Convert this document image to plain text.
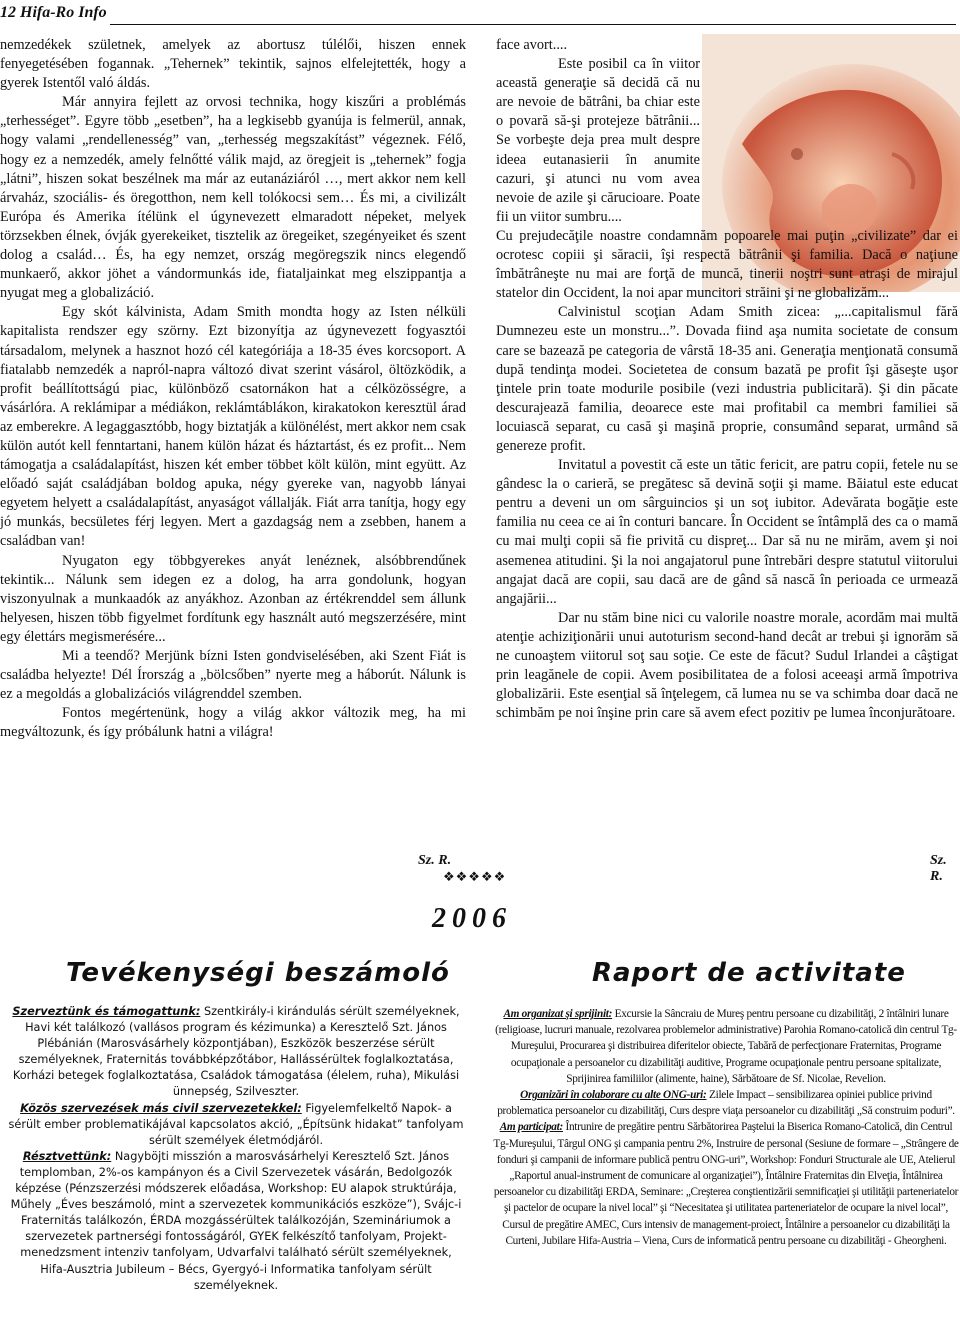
12 Hifa-Ro Info

nemzedékek születnek, amelyek az abortusz túlélői, hiszen ennek fenyegetésében fogannak. „Tehernek” tekintik, sajnos elfelejtették, hogy a gyerek Istentől való áldás.

Már annyira fejlett az orvosi technika, hogy kiszűri a problémás „terhességet”. Egyre több „esetben”, ha a legkisebb gyanúja is felmerül, annak, hogy valami „rendellenesség” van, „terhesség megszakítást” végeznek. Félő, hogy ez a nemzedék, amely felnőtté válik majd, az öregjeit is „tehernek” fogja „látni”, hiszen sokat beszélnek ma már az eutanáziáról …, mert akkor nem kell árvaház, szociális- és öregotthon, nem kell tolókocsi sem… És mi, a civilizált Európa és Amerika ítélünk el úgynevezett elmaradott népeket, melyek törzsekben élnek, óvják gyerekeiket, tisztelik az öregeiket, szegényeiket és szent dolog a család… És, ha egy nemzet, ország megöregszik nincs elegendő munkaerő, akkor jöhet a vándormunkás ide, fiataljainkat meg elszippantja a nyugat meg a globalizáció.

Egy skót kálvinista, Adam Smith mondta hogy az Isten nélküli kapitalista rendszer egy szörny. Ezt bizonyítja az úgynevezett fogyasztói társadalom, melynek a hasznot hozó cél kategóriája a 18-35 éves korcsoport. A fiatalabb nemzedék a napról-napra változó divat szerint vásárol, öltözködik, a profit beállítottságú piac, különböző csatornákon hat a célközösségre, a vásárlóra. A reklámipar a médiákon, reklámtáblákon, kirakatokon keresztül árad az emberekre. A legaggasztóbb, hogy biztatják a különélést, mert akkor nem csak külön autót kell fenntartani, hanem külön házat és háztartást, és ez profit... Nem támogatja a családalapítást, hiszen két ember többet költ külön, mint együtt. Az előadó saját családjában boldog apuka, négy gyereke van, nagyobb lányai egyetem helyett a családalapítást, anyaságot vállalják. Fiát arra tanítja, hogy egy jó munkás, becsületes férj legyen. Mert a gazdagság nem a zsebben, hanem a családban van!

Nyugaton egy többgyerekes anyát lenéznek, alsóbbrendűnek tekintik... Nálunk sem idegen ez a dolog, ha arra gondolunk, hogyan viszonyulnak a munkaadók az anyákhoz. Azonban az értékrenddel sem állunk helyesen, hiszen több figyelmet fordítunk egy használt autó megszerzésére, mint egy élettárs megismerésére...

Mi a teendő? Merjünk bízni Isten gondviselésében, aki Szent Fiát is családba helyezte! Dél Írország a „bölcsőben” nyerte meg a háborút. Nálunk is ez a megoldás a globalizációs világrenddel szemben.

Fontos megértenünk, hogy a világ akkor változik meg, ha mi megváltozunk, és így próbálunk hatni a világra!

face avort....

Este posibil ca în viitor această generaţie să decidă că nu are nevoie de bătrâni, ba chiar este o povară să-şi protejeze bătrânii... Se vorbeşte deja prea mult despre ideea eutanasierii în anumite cazuri, şi atunci nu vom avea nevoie de azile şi cărucioare. Poate fii un viitor sumbru....

Cu prejudecăţile noastre condamnăm popoarele mai puţin „civilizate” dar ei ocrotesc copiii şi săracii, îşi respectă bătrânii şi familia. Dacă o naţiune îmbătrâneşte nu mai are forţă de muncă, tinerii noştri sunt atraşi de mirajul statelor din Occident, la noi apar muncitori străini şi ne globalizăm...

Calvinistul scoţian Adam Smith zicea: „...capitalismul fără Dumnezeu este un monstru...”. Dovada fiind aşa numita societate de consum care se bazează pe categoria de vârstă 18-35 ani. Generaţia menţionată consumă după tendinţa modei. Societetea de consum bazată pe profit îşi găseşte uşor ţintele prin toate modurile posibile (vezi industria publicitară). Şi din păcate descurajează familia, deoarece este mai profitabil ca membri familiei să locuiască separat, cu casă şi maşină proprie, consumând separat, urmând să genereze profit.

Invitatul a povestit că este un tătic fericit, are patru copii, fetele nu se gândesc la o carieră, se pregătesc să devină soţii şi mame. Băiatul este educat pentru a deveni un om sârguincios şi un soţ iubitor. Adevărata bogăţie este familia nu ceea ce ai în conturi bancare. În Occident se întâmplă des ca o mamă cu mai mulţi copii să fie privită cu dispreţ... Dar să nu ne mirăm, avem şi noi asemenea atitudini. Şi la noi angajatorul pune întrebări despre statutul viitorului angajat dacă are copii, sau dacă are de gând să nască în perioada ce urmează angajării...

Dar nu stăm bine nici cu valorile noastre morale, acordăm mai multă atenţie achiziţionării unui autoturism second-hand decât ar trebui şi ignorăm să ne cunoaştem viitorul soţ sau soţie. Ce este de făcut? Sudul Irlandei a câştigat prin leagănele de copii. Avem posibilitatea de a folosi aceeaşi armă împotriva globalizării. Este esenţial să înţelegem, că lumea nu se va schimba doar dacă ne schimbăm pe noi înşine prin care să avem efect pozitiv pe lumea înconjurătoare.

Sz. R.	Sz. R.
❖❖❖❖❖
2006
Tevékenységi beszámoló	Raport de activitate

Szerveztünk és támogattunk: Szentkirály-i kirándulás sérült személyeknek, Havi két találkozó (vallásos program és kézimunka) a Keresztelő Szt. János Plébánián (Marosvásárhely központjában), Eszközök beszerzése sérült személyeknek, Fraternitás továbbképzőtábor, Hallássérültek foglalkoztatása, Korházi betegek foglalkoztatása, Családok támogatása (élelem, ruha), Mikulási ünnepség, Szilveszter.

Közös szervezések más civil szervezetekkel: Figyelemfelkeltő Napok- a sérült ember problematikájával kapcsolatos akció, „Építsünk hidakat” tanfolyam sérült személyek életmódjáról.

Résztvettünk: Nagyböjti misszión a marosvásárhelyi Keresztelő Szt. János templomban, 2%-os kampányon és a Civil Szervezetek vásárán, Bedolgozók képzése (Pénzszerzési módszerek előadása, Workshop: EU alapok struktúrája, Műhely „Éves beszámoló, mint a szervezetek kommunikációs eszköze”), Svájc-i Fraternitás találkozón, ÉRDA mozgássérültek találkozóján, Szemináriumok a szervezetek partnerségi fontosságáról, GYEK felkészítő tanfolyam, Projekt-menedzsment intenziv tanfolyam, Udvarfalvi található sérült személyeknek, Hifa-Ausztria Jubileum – Bécs, Gyergyó-i Informatika tanfolyam sérült személyeknek.

Am organizat şi sprijinit: Excursie la Sâncraiu de Mureş pentru persoane cu dizabilităţi, 2 întâlniri lunare (religioase, lucruri manuale, rezolvarea problemelor administrative) Parohia Romano-catolică din centrul Tg-Mureşului, Procurarea şi distribuirea diferitelor obiecte, Tabără de perfecţionare Fraternitas, Programe ocupaţionale a persoanelor cu dizabilităţi auditive, Programe ocupaţionale pentru persoane spitalizate, Sprijinirea familiilor (alimente, haine), Sărbătoare de Sf. Nicolae, Revelion.

Organizări în colaborare cu alte ONG-uri: Zilele Impact – sensibilizarea opiniei publice privind problematica persoanelor cu dizabilităţi, Curs despre viaţa persoanelor cu dizabilităţi „Să construim poduri”.

Am participat: Întrunire de pregătire pentru Sărbătorirea Paştelui la Biserica Romano-Catolică, din Centrul Tg-Mureşului, Târgul ONG şi campania pentru 2%, Instruire de personal (Sesiune de formare – „Strângere de fonduri şi campanii de informare publică pentru ONG-uri”, Workshop: Fonduri Structurale ale UE, Atelierul „Raportul anual-instrument de comunicare al organizaţiei”), Întâlnire Fraternitas din Elveţia, Întâlnirea persoanelor cu dizabilităţi ERDA, Seminare: „Creşterea conştientizării semnificaţiei şi utilităţii parteneriatelor şi pactelor de ocupare la nivel local” şi “Necesitatea şi utilitatea parteneriatelor de ocupare la nivel local”, Cursul de pregătire AMEC, Curs intensiv de management-proiect, Întâlnire a persoanelor cu dizabilităţi la Curteni, Jubilare Hifa-Austria – Viena, Curs de informatică pentru persoane cu dizabilităţi - Gheorgheni.
